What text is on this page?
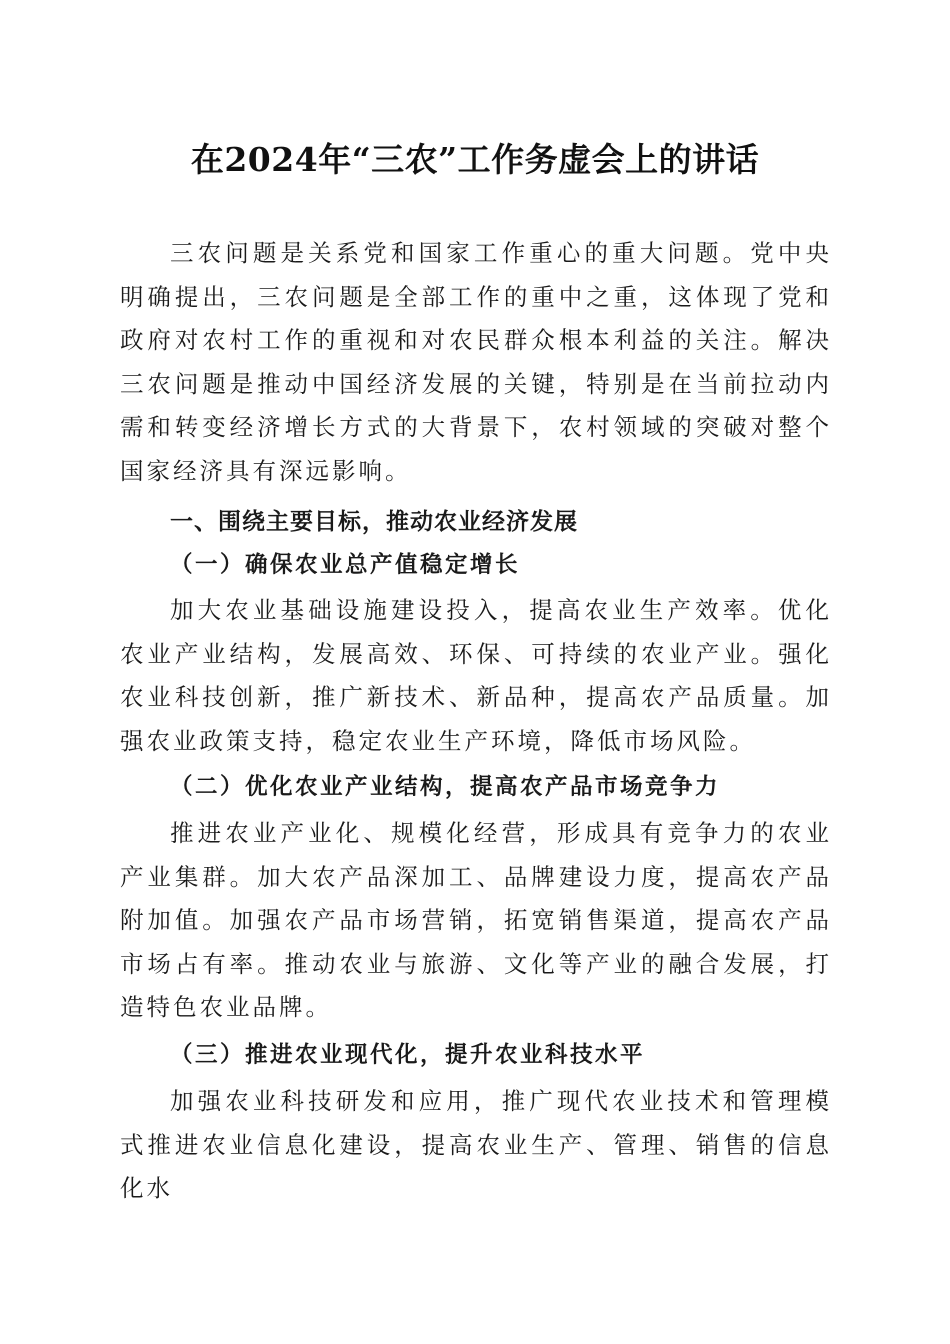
在2024年“三农”工作务虚会上的讲话

三农问题是关系党和国家工作重心的重大问题。党中央明确提出，三农问题是全部工作的重中之重，这体现了党和政府对农村工作的重视和对农民群众根本利益的关注。解决三农问题是推动中国经济发展的关键，特别是在当前拉动内需和转变经济增长方式的大背景下，农村领域的突破对整个国家经济具有深远影响。

一、围绕主要目标，推动农业经济发展
（一）确保农业总产值稳定增长

加大农业基础设施建设投入，提高农业生产效率。优化农业产业结构，发展高效、环保、可持续的农业产业。强化农业科技创新，推广新技术、新品种，提高农产品质量。加强农业政策支持，稳定农业生产环境，降低市场风险。

（二）优化农业产业结构，提高农产品市场竞争力

推进农业产业化、规模化经营，形成具有竞争力的农业产业集群。加大农产品深加工、品牌建设力度，提高农产品附加值。加强农产品市场营销，拓宽销售渠道，提高农产品市场占有率。推动农业与旅游、文化等产业的融合发展，打造特色农业品牌。

（三）推进农业现代化，提升农业科技水平

加强农业科技研发和应用，推广现代农业技术和管理模式推进农业信息化建设，提高农业生产、管理、销售的信息化水
